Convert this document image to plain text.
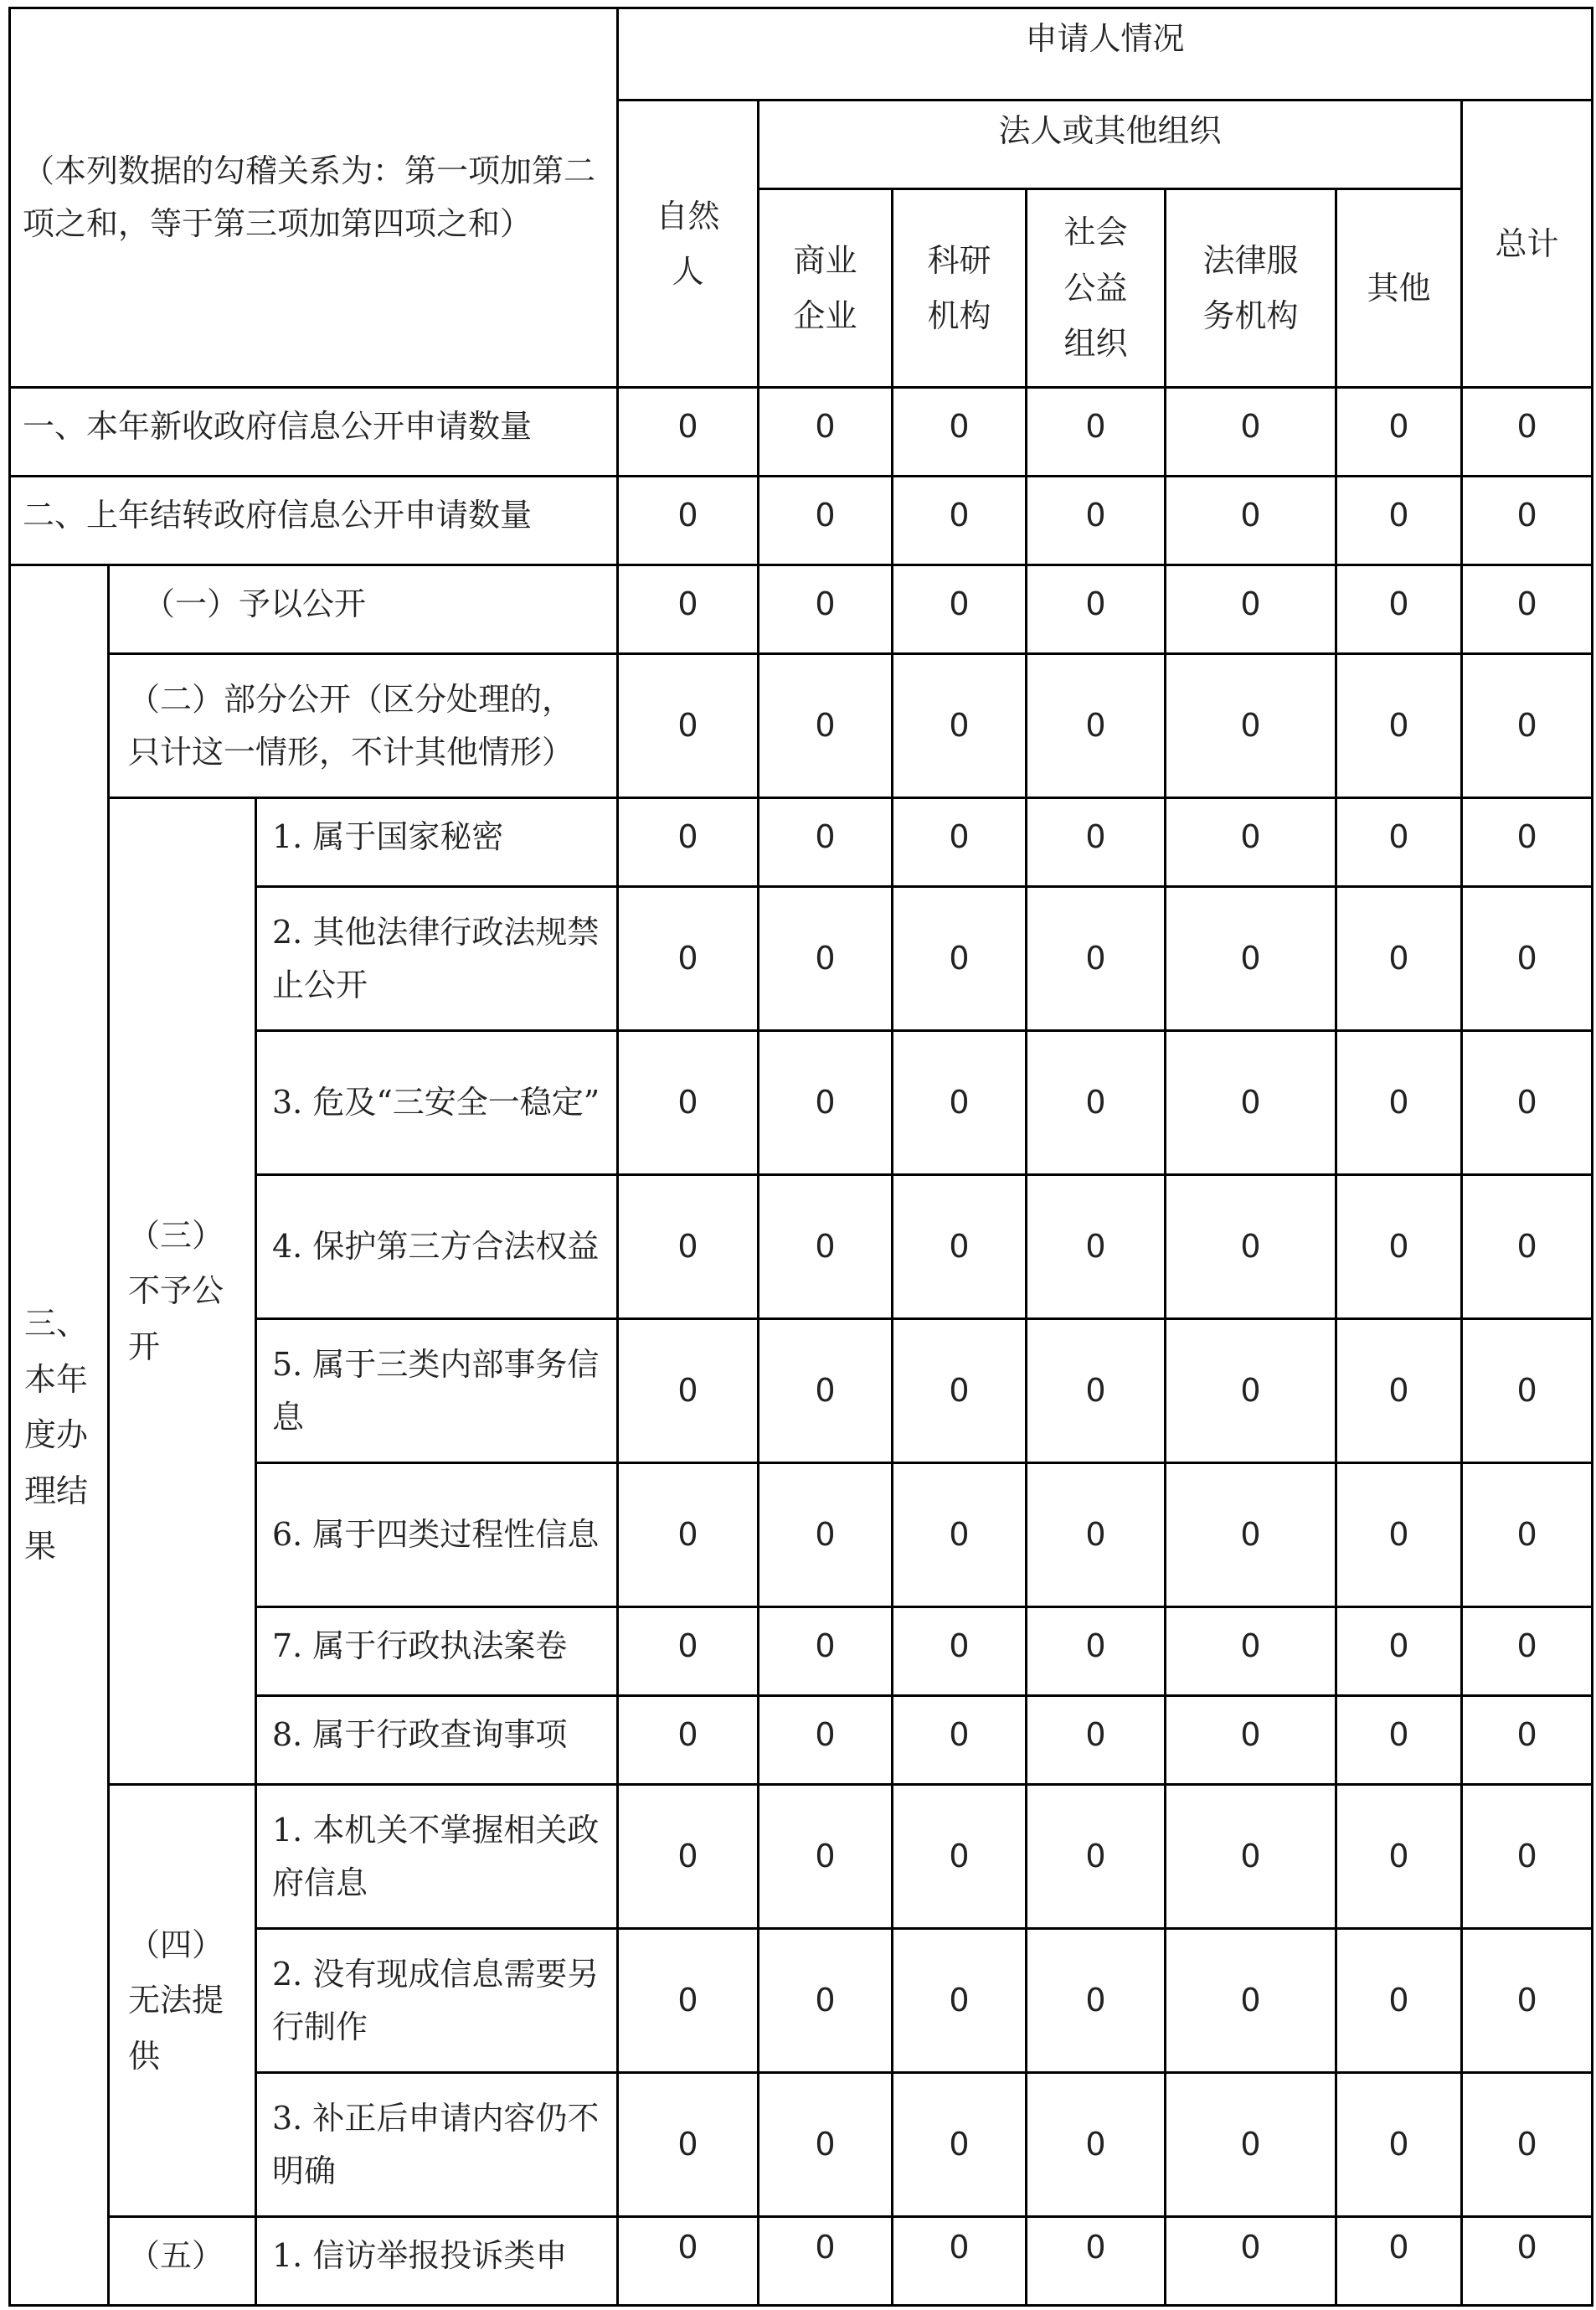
（本列数据的勾稽关系为：第一项加第二项之和，等于第三项加第四项之和）			申请人情况						
			自然人	法人或其他组织					总计
				商业企业	科研机构	社会公益组织	法律服务机构	其他	
一、本年新收政府信息公开申请数量			0	0	0	0	0	0	0
二、上年结转政府信息公开申请数量			0	0	0	0	0	0	0
三、本年度办理结果	（一）予以公开		0	0	0	0	0	0	0
	（二）部分公开（区分处理的，只计这一情形，不计其他情形）		0	0	0	0	0	0	0
	（三）不予公开	1. 属于国家秘密	0	0	0	0	0	0	0
		2. 其他法律行政法规禁止公开	0	0	0	0	0	0	0
		3. 危及“三安全一稳定”	0	0	0	0	0	0	0
		4. 保护第三方合法权益	0	0	0	0	0	0	0
		5. 属于三类内部事务信息	0	0	0	0	0	0	0
		6. 属于四类过程性信息	0	0	0	0	0	0	0
		7. 属于行政执法案卷	0	0	0	0	0	0	0
		8. 属于行政查询事项	0	0	0	0	0	0	0
	（四）无法提供	1. 本机关不掌握相关政府信息	0	0	0	0	0	0	0
		2. 没有现成信息需要另行制作	0	0	0	0	0	0	0
		3. 补正后申请内容仍不明确	0	0	0	0	0	0	0
	（五）	1. 信访举报投诉类申	0	0	0	0	0	0	0
